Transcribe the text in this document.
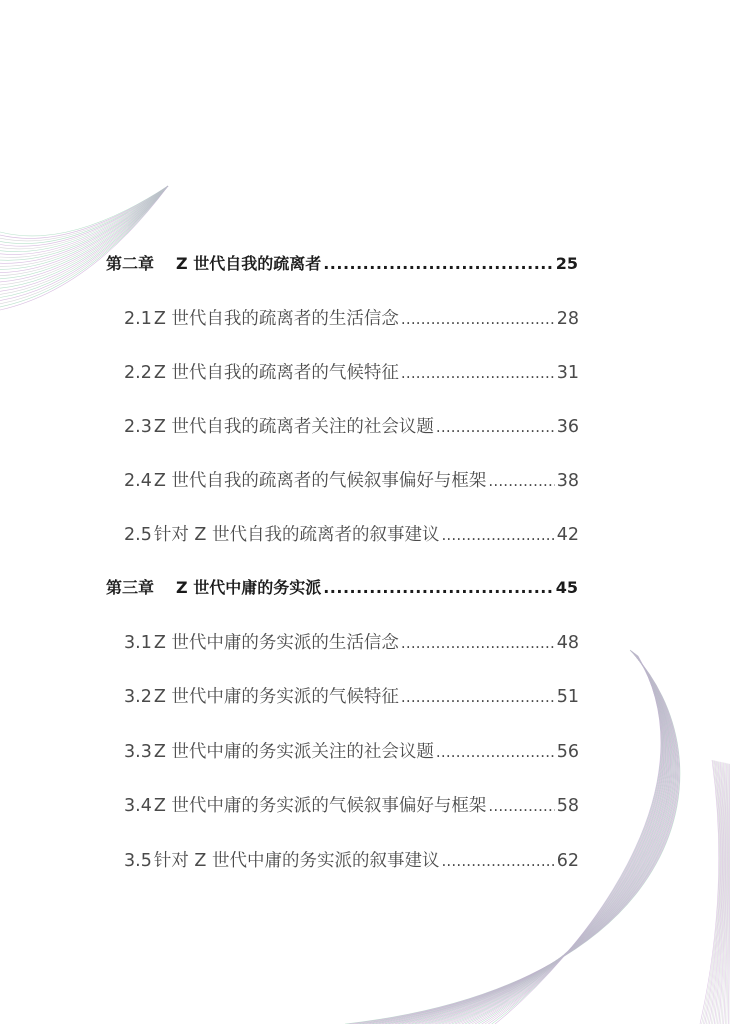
第二章 Z 世代自我的疏离者 .....	25
2.1 Z 世代自我的疏离者的生活信念 .....	28
2.2 Z 世代自我的疏离者的气候特征 .....	31
2.3 Z 世代自我的疏离者关注的社会议题 .....	36
2.4 Z 世代自我的疏离者的气候叙事偏好与框架 .....	38
2.5 针对 Z 世代自我的疏离者的叙事建议 .....	42
第三章 Z 世代中庸的务实派 .....	45
3.1 Z 世代中庸的务实派的生活信念 .....	48
3.2 Z 世代中庸的务实派的气候特征 .....	51
3.3 Z 世代中庸的务实派关注的社会议题 .....	56
3.4 Z 世代中庸的务实派的气候叙事偏好与框架 .....	58
3.5 针对 Z 世代中庸的务实派的叙事建议 .....	62
